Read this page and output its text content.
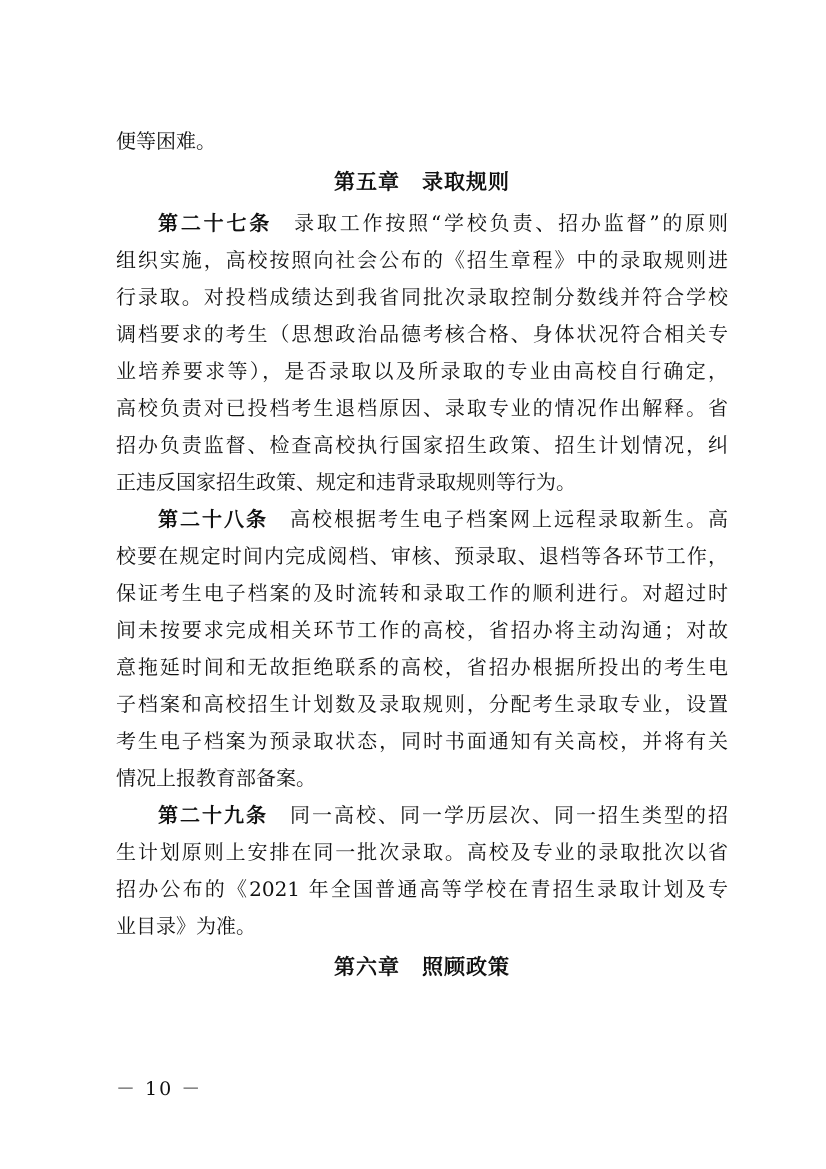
便等困难。
第五章　录取规则
第二十七条 录取工作按照“学校负责、招办监督”的原则
组织实施，高校按照向社会公布的《招生章程》中的录取规则进
行录取。对投档成绩达到我省同批次录取控制分数线并符合学校
调档要求的考生（思想政治品德考核合格、身体状况符合相关专
业培养要求等），是否录取以及所录取的专业由高校自行确定，
高校负责对已投档考生退档原因、录取专业的情况作出解释。省
招办负责监督、检查高校执行国家招生政策、招生计划情况，纠
正违反国家招生政策、规定和违背录取规则等行为。
第二十八条 高校根据考生电子档案网上远程录取新生。高
校要在规定时间内完成阅档、审核、预录取、退档等各环节工作，
保证考生电子档案的及时流转和录取工作的顺利进行。对超过时
间未按要求完成相关环节工作的高校，省招办将主动沟通；对故
意拖延时间和无故拒绝联系的高校，省招办根据所投出的考生电
子档案和高校招生计划数及录取规则，分配考生录取专业，设置
考生电子档案为预录取状态，同时书面通知有关高校，并将有关
情况上报教育部备案。
第二十九条 同一高校、同一学历层次、同一招生类型的招
生计划原则上安排在同一批次录取。高校及专业的录取批次以省
招办公布的《2021 年全国普通高等学校在青招生录取计划及专
业目录》为准。
第六章　照顾政策
－ 10 －
